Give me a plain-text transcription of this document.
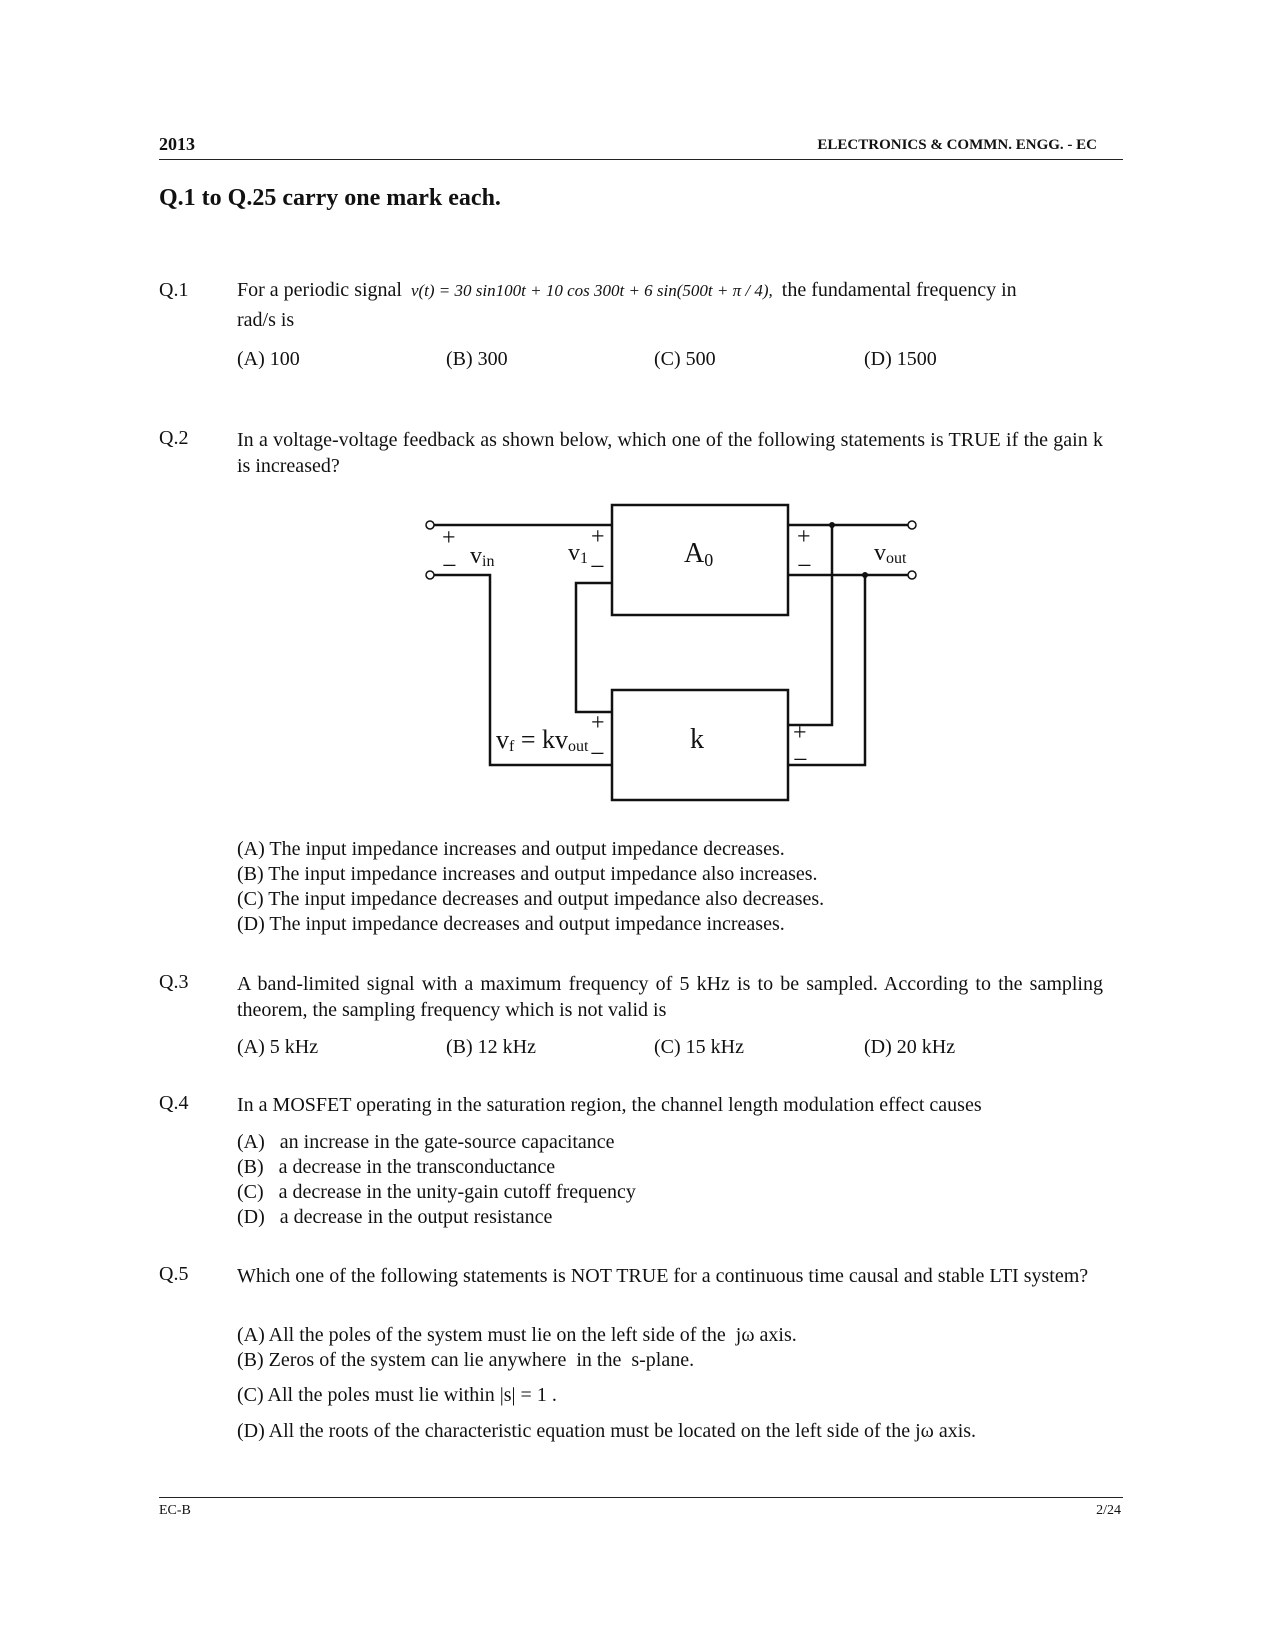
2013	ELECTRONICS & COMMN. ENGG. - EC
Q.1 to Q.25 carry one mark each.
Q.1 For a periodic signal v(t) = 30 sin100t + 10 cos 300t + 6 sin(500t + π / 4), the fundamental frequency in
rad/s is
(A) 100	(B) 300	(C) 500	(D) 1500
Q.2 In a voltage-voltage feedback as shown below, which one of the following statements is TRUE if the gain k is increased?
+
− vin	v1
+
−	A0
+
−	vout
k
vf = kvout
+
−
+
−
(A) The input impedance increases and output impedance decreases.
(B) The input impedance increases and output impedance also increases.
(C) The input impedance decreases and output impedance also decreases.
(D) The input impedance decreases and output impedance increases.
Q.3 A band-limited signal with a maximum frequency of 5 kHz is to be sampled. According to the sampling theorem, the sampling frequency which is not valid is
(A) 5 kHz	(B) 12 kHz	(C) 15 kHz	(D) 20 kHz
Q.4 In a MOSFET operating in the saturation region, the channel length modulation effect causes
(A)   an increase in the gate-source capacitance
(B)   a decrease in the transconductance
(C)   a decrease in the unity-gain cutoff frequency
(D)   a decrease in the output resistance
Q.5 Which one of the following statements is NOT TRUE for a continuous time causal and stable LTI system?
(A) All the poles of the system must lie on the left side of the  jω axis.
(B) Zeros of the system can lie anywhere  in the  s-plane.
(C) All the poles must lie within |s| = 1 .
(D) All the roots of the characteristic equation must be located on the left side of the jω axis.
EC-B	2/24
